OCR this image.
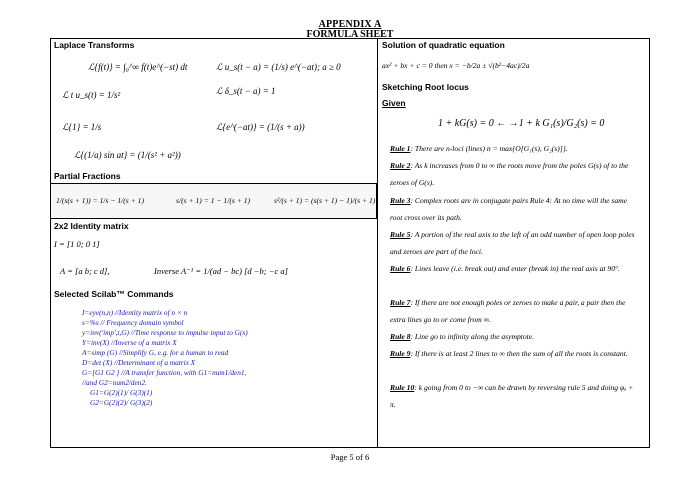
APPENDIX A
FORMULA SHEET
Laplace Transforms
ℒ{f(t)} = ∫₀^∞ f(t)e^(−st) dt	ℒ u_s(t − a) = (1/s) e^(−at); a ≥ 0
ℒ t u_s(t) = 1/s²	ℒ δ_s(t − a) = 1
ℒ{1} = 1/s	ℒ{e^(−at)} = (1/(s + a))
ℒ{(1/a) sin at} = (1/(s² + a²))
Partial Fractions
1/(s(s + 1)) = 1/s − 1/(s + 1)	s/(s + 1) = 1 − 1/(s + 1)	s²/(s + 1) = (s(s + 1) − 1)/(s + 1)
2x2 Identity matrix
I = [1 0; 0 1]
A = [a b; c d],	Inverse A⁻¹ = 1/(ad − bc) [d −b; −c a]
Selected Scilab™ Commands
I=eye(n,n) //Identity matrix of n × n
s=%s // Frequency domain symbol
y=inv('imp',t,G) //Time response to impulse input to G(s)
Y=inv(X) //Inverse of a matrix X
A=simp (G) //Simplify G, e.g. for a human to read
D=det (X) //Determinant of a matrix X
G=[G1 G2 ] //A transfer function, with G1=num1/den1,
//and G2=num2/den2.
G1=G(2)(1)/ G(3)(1)
G2=G(2)(2)/ G(3)(2)
Solution of quadratic equation
ax² + bx + c = 0 then x = −b/2a ± √(b²−4ac)/2a
Sketching Root locus
Given
1 + kG(s) = 0 ← →1 + k G₁(s)/G₂(s) = 0
Rule 1: There are n-loci (lines) n = max{O[G₁(s), G₂(s)]}.
Rule 2: As k increases from 0 to ∞ the roots move from the poles G(s) of to the zeroes of G(s).
Rule 3: Complex roots are in conjugate pairs Rule 4: At no time will the same root cross over its path.
Rule 5: A portion of the real axis to the left of an odd number of open loop poles and zeroes are part of the loci.
Rule 6: Lines leave (i.e. break out) and enter (break in) the real axis at 90°.
Rule 7: If there are not enough poles or zeroes to make a pair, a pair then the extra lines go to or come from ∞.
Rule 8: Line go to infinity along the asymptote.
Rule 9: If there is at least 2 lines to ∞ then the sum of all the roots is constant.
Rule 10: k going from 0 to −∞ can be drawn by reversing rule 5 and doing φₐ + π.
Page 5 of 6
